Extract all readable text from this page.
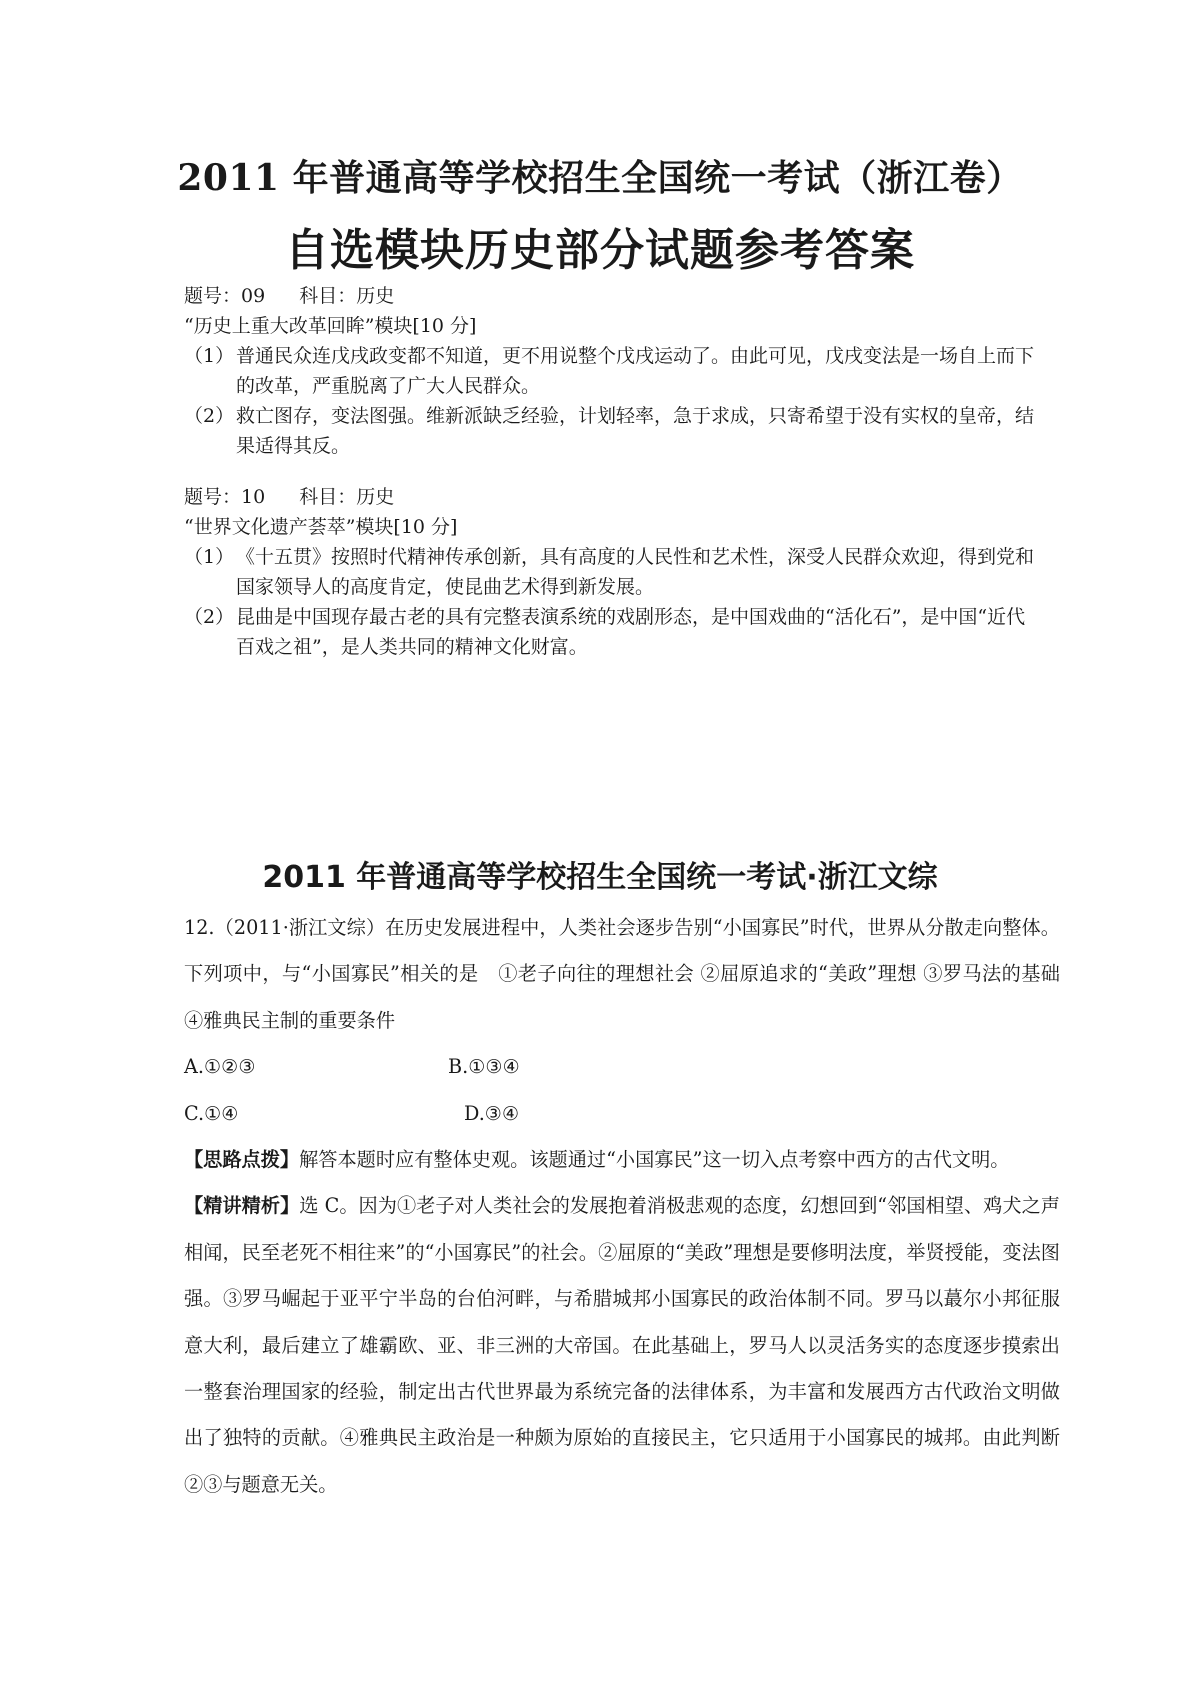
2011 年普通高等学校招生全国统一考试（浙江卷）
自选模块历史部分试题参考答案
题号：09 科目：历史
“历史上重大改革回眸”模块[10 分]
（1） 普通民众连戊戌政变都不知道，更不用说整个戊戌运动了。由此可见，戊戌变法是一场自上而下的改革，严重脱离了广大人民群众。
（2） 救亡图存，变法图强。维新派缺乏经验，计划轻率，急于求成，只寄希望于没有实权的皇帝，结果适得其反。
题号：10 科目：历史
“世界文化遗产荟萃”模块[10 分]
（1） 《十五贯》按照时代精神传承创新，具有高度的人民性和艺术性，深受人民群众欢迎，得到党和国家领导人的高度肯定，使昆曲艺术得到新发展。
（2） 昆曲是中国现存最古老的具有完整表演系统的戏剧形态，是中国戏曲的“活化石”，是中国“近代百戏之祖”，是人类共同的精神文化财富。
2011 年普通高等学校招生全国统一考试·浙江文综

12.（2011·浙江文综）在历史发展进程中，人类社会逐步告别“小国寡民”时代，世界从分散走向整体。下列项中，与“小国寡民”相关的是　①老子向往的理想社会 ②屈原追求的“美政”理想 ③罗马法的基础 ④雅典民主制的重要条件

A.①②③	B.①③④
C.①④	D.③④

【思路点拨】解答本题时应有整体史观。该题通过“小国寡民”这一切入点考察中西方的古代文明。

【精讲精析】选 C。因为①老子对人类社会的发展抱着消极悲观的态度，幻想回到“邻国相望、鸡犬之声相闻，民至老死不相往来”的“小国寡民”的社会。②屈原的“美政”理想是要修明法度，举贤授能，变法图强。③罗马崛起于亚平宁半岛的台伯河畔，与希腊城邦小国寡民的政治体制不同。罗马以蕞尔小邦征服意大利，最后建立了雄霸欧、亚、非三洲的大帝国。在此基础上，罗马人以灵活务实的态度逐步摸索出一整套治理国家的经验，制定出古代世界最为系统完备的法律体系，为丰富和发展西方古代政治文明做出了独特的贡献。④雅典民主政治是一种颇为原始的直接民主，它只适用于小国寡民的城邦。由此判断②③与题意无关。
